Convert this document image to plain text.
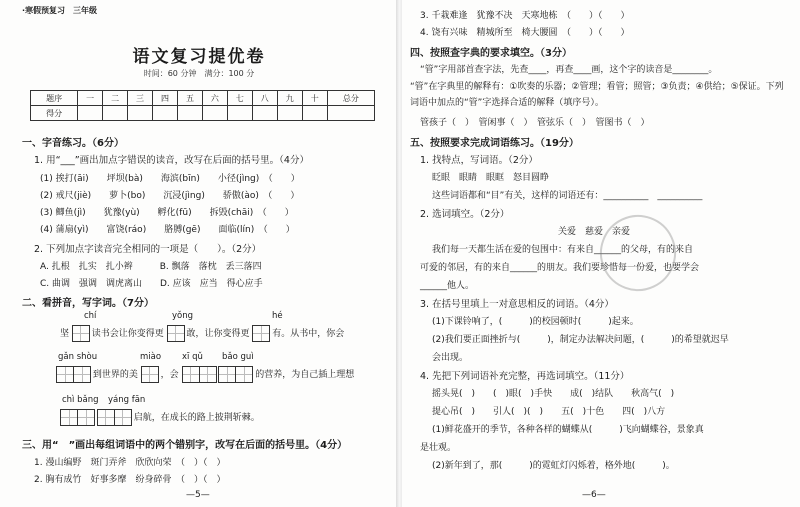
·寒假预复习　三年级
语文复习提优卷
时间：60 分钟　满分：100 分
题序	一	二	三	四	五	六	七	八	九	十	总分
得分											
一、字音练习。（6分）
1. 用“___”画出加点字错误的读音，改写在后面的括号里。（4分）
(1) 挨打(āi)　　坪坝(bà)　　海滨(bīn)　　小径(jìng)　（　　）
(2) 戒尺(jiè)　　萝卜(bo)　　沉浸(jìng)　　骄傲(ào)　（　　）
(3) 鲫鱼(jì)　　犹豫(yù)　　孵化(fū)　　拆毁(chāi)　（　　）
(4) 蒲扇(yì)　　富饶(ráo)　　胳膊(gē)　　面临(lín)　（　　）
2. 下列加点字读音完全相同的一项是（　　）。（2分）
A. 扎根　扎实　扎小辫　　　B. 飘落　落枕　丢三落四
C. 曲调　强调　调虎离山　　D. 应该　应当　得心应手
二、看拼音，写字词。（7分）
chí	yǒng	hé
坚	读书会让你变得更	敢，让你变得更	有。从书中，你会
gǎn shòu	miào xī qǔ bǎo guì
到世界的美	，会
	的营养，为自己插上理想
chì bǎng yáng fān

启航，在成长的路上披荆斩棘。
三、用“　”画出每组词语中的两个错别字，改写在后面的括号里。（4分）
1. 漫山编野　斑门弄斧　欣欣向荣　（　）（　）
2. 胸有成竹　好事多摩　纷身碎骨　（　）（　）
—5—
3. 千栽难逢　犹豫不决　天寒地栋　（　　）（　　）
4. 饶有兴味　精城所至　椅大腰圆　（　　）（　　）
四、按照查字典的要求填空。（3分）
“管”字用部首查字法，先查____，再查____画，这个字的读音是________。
“管”在字典里的解释有：①吹奏的乐器；②管理；看管；照管；③负责；④供给；⑤保证。下列词语中加点的“管”字选择合适的解释（填序号）。
管孩子（　）　管闲事（　）　管弦乐（　）　管图书（　）
五、按照要求完成词语练习。（19分）
1. 找特点，写词语。（2分）
眨眼　眼睛　眼眶　怒目圆睁
这些词语都和“目”有关，这样的词语还有：__________　__________
2. 选词填空。（2分）
关爱　慈爱　亲爱
我们每一天都生活在爱的包围中：有来自______的父母，有的来自
可爱的邻居，有的来自______的朋友。我们要珍惜每一份爱，也要学会
______他人。
3. 在括号里填上一对意思相反的词语。（4分）
(1)下课铃响了，(　　　)的校园顿时(　　　)起来。
(2)我们要正面挫折与(　　　)，制定办法解决问题，(　　　)的希望就迟早
会出现。
4. 先把下列词语补充完整，再选词填空。（11分）
摇头晃(　)　　(　)眼(　)手快　　成(　)结队　　秋高气(　)
提心吊(　)　　引人(　)(　)　　五(　)十色　　四(　)八方
(1)鲜花盛开的季节，各种各样的蝴蝶从(　　　)飞向蝴蝶谷，景象真
是壮观。
(2)新年到了，那(　　　)的霓虹灯闪烁着，格外地(　　　)。
—6—
